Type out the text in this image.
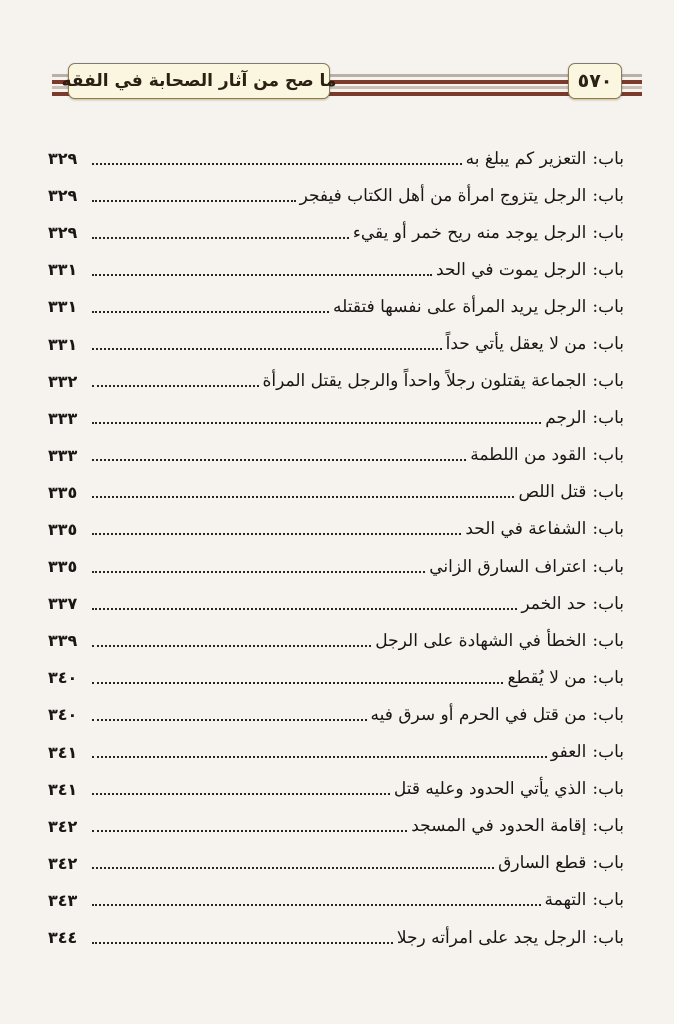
ما صح من آثار الصحابة في الفقه	٥٧٠
باب:
التعزير كم يبلغ به
٣٢٩
باب:
الرجل يتزوج امرأة من أهل الكتاب فيفجر
٣٢٩
باب:
الرجل يوجد منه ريح خمر أو يقيء
٣٢٩
باب:
الرجل يموت في الحد
٣٣١
باب:
الرجل يريد المرأة على نفسها فتقتله
٣٣١
باب:
من لا يعقل يأتي حداً
٣٣١
باب:
الجماعة يقتلون رجلاً واحداً والرجل يقتل المرأة
٣٣٢
باب:
الرجم
٣٣٣
باب:
القود من اللطمة
٣٣٣
باب:
قتل اللص
٣٣٥
باب:
الشفاعة في الحد
٣٣٥
باب:
اعتراف السارق الزاني
٣٣٥
باب:
حد الخمر
٣٣٧
باب:
الخطأ في الشهادة على الرجل
٣٣٩
باب:
من لا يُقطع
٣٤٠
باب:
من قتل في الحرم أو سرق فيه
٣٤٠
باب:
العفو
٣٤١
باب:
الذي يأتي الحدود وعليه قتل
٣٤١
باب:
إقامة الحدود في المسجد
٣٤٢
باب:
قطع السارق
٣٤٢
باب:
التهمة
٣٤٣
باب:
الرجل يجد على امرأته رجلا
٣٤٤
